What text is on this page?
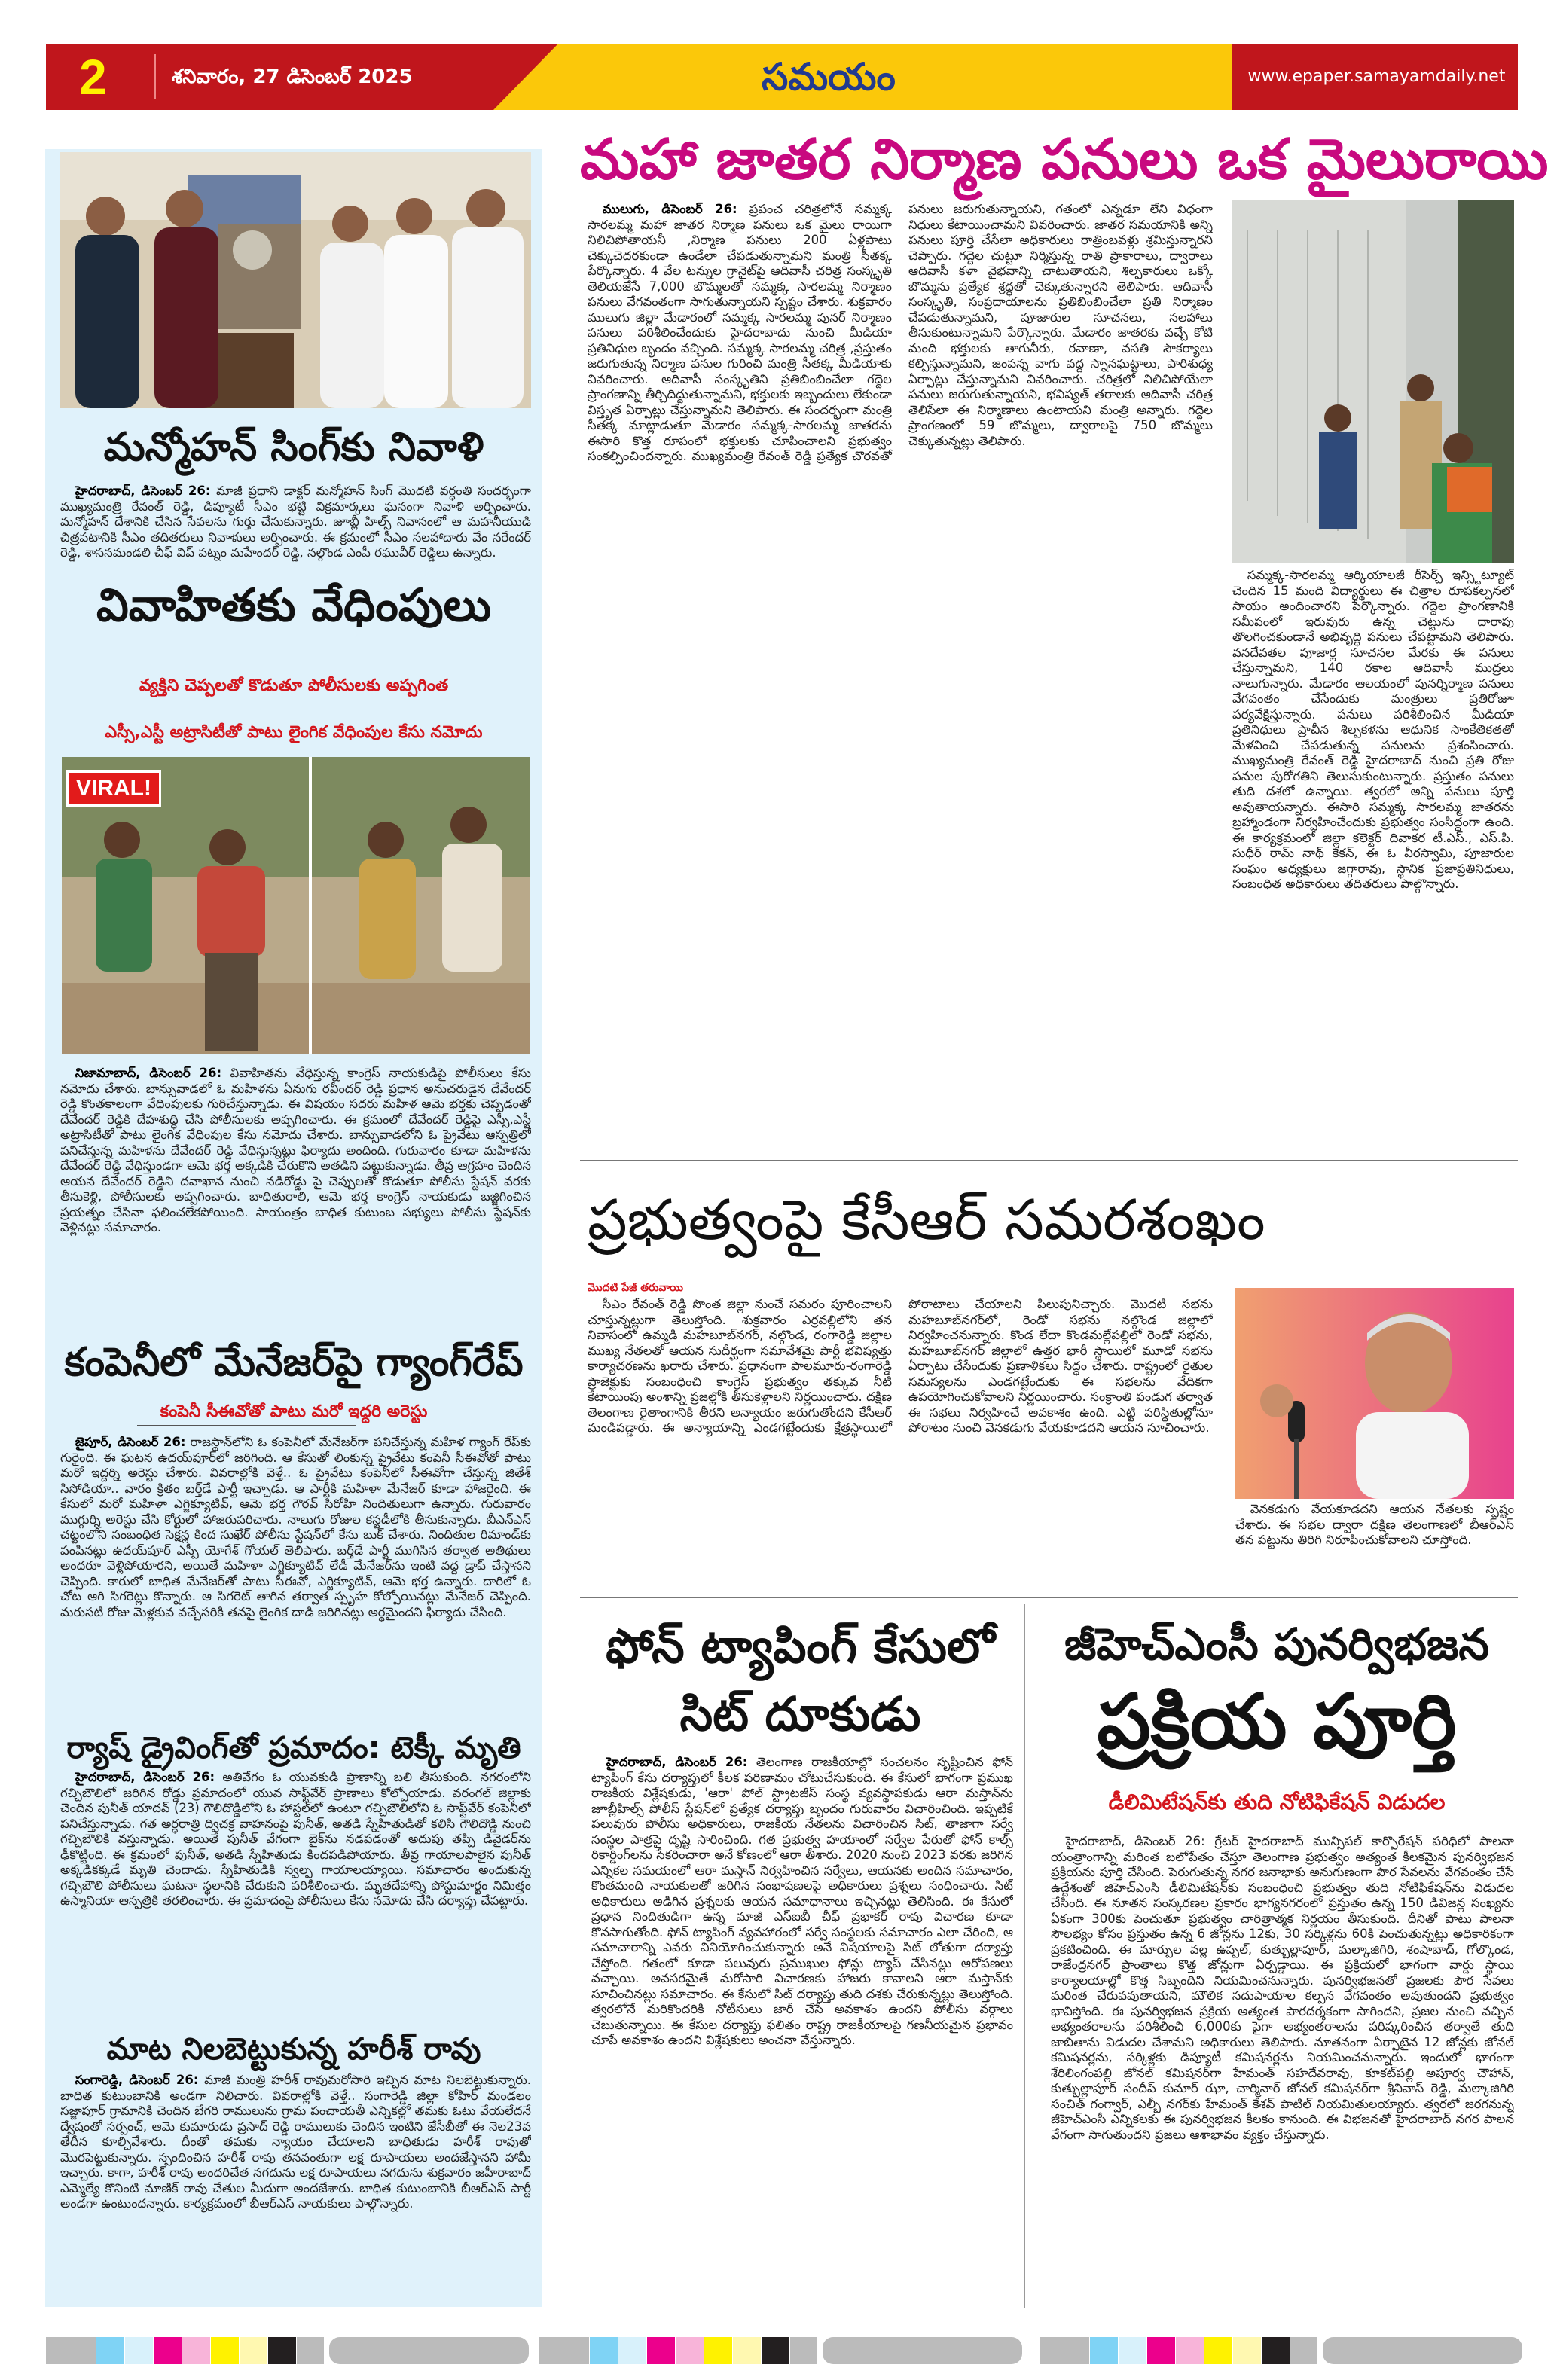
2	శనివారం, 27 డిసెంబర్ 2025	సమయం	www.epaper.samayamdaily.net
మన్మోహన్ సింగ్‌కు నివాళి
హైదరాబాద్, డిసెంబర్ 26: మాజీ ప్రధాని డాక్టర్ మన్మోహన్ సింగ్ మొదటి వర్ధంతి సందర్భంగా ముఖ్యమంత్రి రేవంత్ రెడ్డి, డిప్యూటీ సీఎం భట్టి విక్రమార్కలు ఘనంగా నివాళి అర్పించారు. మన్మోహన్ దేశానికి చేసిన సేవలను గుర్తు చేసుకున్నారు. జూబ్లీ హిల్స్ నివాసంలో ఆ మహనీయుడి చిత్రపటానికి సీఎం తదితరులు నివాళులు అర్పించారు. ఈ క్రమంలో సీఎం సలహాదారు వేం నరేందర్ రెడ్డి, శాసనమండలి చీఫ్ విప్ పట్నం మహేందర్ రెడ్డి, నల్గొండ ఎంపీ రఘువీర్ రెడ్డిలు ఉన్నారు.
వివాహితకు వేధింపులు
వ్యక్తిని చెప్పలతో కొడుతూ పోలీసులకు అప్పగింత
ఎస్సీ,ఎస్టీ అట్రాసిటీతో పాటు లైంగిక వేధింపుల కేసు నమోదు
VIRAL!
నిజామాబాద్, డిసెంబర్ 26: వివాహితను వేధిస్తున్న కాంగ్రెస్ నాయకుడిపై పోలీసులు కేసు నమోదు చేశారు. బాన్సువాడలో ఓ మహిళను ఏనుగు రవీందర్ రెడ్డి ప్రధాన అనుచరుడైన దేవేందర్ రెడ్డి కొంతకాలంగా వేధింపులకు గురిచేస్తున్నాడు. ఈ విషయం సదరు మహిళ ఆమె భర్తకు చెప్పడంతో దేవేందర్ రెడ్డికి దేహశుద్ధి చేసి పోలీసులకు అప్పగించారు. ఈ క్రమంలో దేవేందర్ రెడ్డిపై ఎస్సీ,ఎస్టీ అట్రాసిటీతో పాటు లైంగిక వేధింపుల కేసు నమోదు చేశారు. బాన్సువాడలోని ఓ ప్రైవేటు ఆస్పత్రిలో పనిచేస్తున్న మహిళను దేవేందర్ రెడ్డి వేధిస్తున్నట్లు ఫిర్యాదు అందింది. గురువారం కూడా మహిళను దేవేందర్ రెడ్డి వేధిస్తుండగా ఆమె భర్త అక్కడికి చేరుకొని అతడిని పట్టుకున్నాడు. తీవ్ర ఆగ్రహం చెందిన ఆయన దేవేందర్ రెడ్డిని దవాఖాన నుంచి నడిరోడ్డు పై చెప్పులతో కొడుతూ పోలీసు స్టేషన్ వరకు తీసుకెళ్లి, పోలీసులకు అప్పగించారు. బాధితురాలి, ఆమె భర్త కాంగ్రెస్ నాయకుడు బజ్జిగించిన ప్రయత్నం చేసినా ఫలించలేకపోయింది. సాయంత్రం బాధిత కుటుంబ సభ్యులు పోలీసు స్టేషన్‌కు వెళ్లినట్లు సమాచారం.
కంపెనీలో మేనేజర్‌పై గ్యాంగ్‌రేప్
కంపెనీ సీఈవోతో పాటు మరో ఇద్దరి అరెస్టు
జైపూర్, డిసెంబర్ 26: రాజస్థాన్‌లోని ఓ కంపెనీలో మేనేజర్‌గా పనిచేస్తున్న మహిళ గ్యాంగ్ రేప్‌కు గురైంది. ఈ ఘటన ఉదయ్‌పూర్‌లో జరిగింది. ఆ కేసుతో లింకున్న ప్రైవేటు కంపెనీ సీఈవోతో పాటు మరో ఇద్దర్ని అరెస్టు చేశారు. వివరాల్లోకి వెళ్తే.. ఓ ప్రైవేటు కంపెనీలో సీఈవోగా చేస్తున్న జితేశ్ సిసోడియా.. వారం క్రితం బర్త్‌డే పార్టీ ఇచ్చాడు. ఆ పార్టీకి మహిళా మేనేజర్ కూడా హాజరైంది. ఈ కేసులో మరో మహిళా ఎగ్జిక్యూటివ్, ఆమె భర్త గౌరవ్ సిరోహి నిందితులుగా ఉన్నారు. గురువారం ముగ్గుర్ని అరెస్టు చేసి కోర్టులో హాజరుపరిచారు. నాలుగు రోజుల కస్టడీలోకి తీసుకున్నారు. బీఎన్ఎస్ చట్టంలోని సంబంధిత సెక్షన్ల కింద సుఖేర్ పోలీసు స్టేషన్‌లో కేసు బుక్ చేశారు. నిందితుల రిమాండ్‌కు పంపినట్లు ఉదయ్‌పూర్ ఎస్పీ యోగేశ్ గోయల్ తెలిపారు. బర్త్‌డే పార్టీ ముగిసిన తర్వాత అతిథులు అందరూ వెళ్లిపోయారని, అయితే మహిళా ఎగ్జిక్యూటివ్ లేడీ మేనేజర్‌ను ఇంటి వద్ద డ్రాప్ చేస్తానని చెప్పింది. కారులో బాధిత మేనేజర్‌తో పాటు సీఈవో, ఎగ్జిక్యూటివ్, ఆమె భర్త ఉన్నారు. దారిలో ఓ చోట ఆగి సిగరెట్లు కొన్నారు. ఆ సిగరెట్ తాగిన తర్వాత స్పృహ కోల్పోయినట్లు మేనేజర్ చెప్పింది. మరుసటి రోజు మెళ్లకువ వచ్చేసరికి తనపై లైంగిక దాడి జరిగినట్లు అర్థమైందని ఫిర్యాదు చేసింది.
ర్యాష్ డ్రైవింగ్‌తో ప్రమాదం: టెక్కీ మృతి
హైదరాబాద్, డిసెంబర్ 26: అతివేగం ఓ యువకుడి ప్రాణాన్ని బలి తీసుకుంది. నగరంలోని గచ్చిబౌలిలో జరిగిన రోడ్డు ప్రమాదంలో యువ సాఫ్ట్‌వేర్ ప్రాణాలు కోల్పోయాడు. వరంగల్ జిల్లాకు చెందిన పునీత్ యాదవ్ (23) గౌలిదొడ్డిలోని ఓ హాస్టల్‌లో ఉంటూ గచ్చిబౌలిలోని ఓ సాఫ్ట్‌వేర్ కంపెనీలో పనిచేస్తున్నాడు. గత అర్ధరాత్రి ద్విచక్ర వాహనంపై పునీత్, అతడి స్నేహితుడితో కలిసి గౌలిదొడ్డి నుంచి గచ్చిబౌలికి వస్తున్నాడు. అయితే పునీత్ వేగంగా బైక్‌ను నడపడంతో అదుపు తప్పి డివైడర్‌ను ఢీకొట్టింది. ఈ క్రమంలో పునీత్, అతడి స్నేహితుడు కిందపడిపోయారు. తీవ్ర గాయాలపాలైన పునీత్ అక్కడికక్కడే మృతి చెందాడు. స్నేహితుడికి స్వల్ప గాయాలయ్యాయి. సమాచారం అందుకున్న గచ్చిబౌలి పోలీసులు ఘటనా స్థలానికి చేరుకుని పరిశీలించారు. మృతదేహాన్ని పోస్టుమార్టం నిమిత్తం ఉస్మానియా ఆస్పత్రికి తరలించారు. ఈ ప్రమాదంపై పోలీసులు కేసు నమోదు చేసి దర్యాప్తు చేపట్టారు.
మాట నిలబెట్టుకున్న హరీశ్ రావు
సంగారెడ్డి, డిసెంబర్ 26: మాజీ మంత్రి హరీశ్ రావుమరోసారి ఇచ్చిన మాట నిలబెట్టుకున్నారు. బాధిత కుటుంబానికి అండగా నిలిచారు. వివరాల్లోకి వెళ్తే.. సంగారెడ్డి జిల్లా కోహిర్ మండలం సజ్జాపూర్ గ్రామానికి చెందిన బేగరి రాములును గ్రామ పంచాయతీ ఎన్నికల్లో తమకు ఓటు వేయలేదనే ద్వేషంతో సర్పంచ్, ఆమె కుమారుడు ప్రసాద్ రెడ్డి రాములుకు చెందిన ఇంటిని జేసీబీతో ఈ నెల23వ తేదీన కూల్చివేశారు. దీంతో తమకు న్యాయం చేయాలని బాధితుడు హరీశ్ రావుతో మొరపెట్టుకున్నారు. స్పందించిన హరీశ్ రావు తనవంతుగా లక్ష రూపాయలు అందజేస్తానని హామీ ఇచ్చారు. కాగా, హరీశ్ రావు అందరిచేత నగదును లక్ష రూపాయలు నగదును శుక్రవారం జహీరాబాద్ ఎమ్మెల్యే కొనింటి మాణిక్ రావు చేతుల మీదుగా అందజేశారు. బాధిత కుటుంబానికి బీఆర్ఎస్ పార్టీ అండగా ఉంటుందన్నారు. కార్యక్రమంలో బీఆర్ఎస్ నాయకులు పాల్గొన్నారు.
మహా జాతర నిర్మాణ పనులు ఒక మైలురాయి
ములుగు, డిసెంబర్ 26: ప్రపంచ చరిత్రలోనే సమ్మక్క సారలమ్మ మహా జాతర నిర్మాణ పనులు ఒక మైలు రాయిగా నిలిచిపోతాయనీ ,నిర్మాణ పనులు 200 ఏళ్లపాటు చెక్కుచెదరకుండా ఉండేలా చేపడుతున్నామని మంత్రి సీతక్క పేర్కొన్నారు. 4 వేల టన్నుల గ్రానైట్‌పై ఆదివాసీ చరిత్ర సంస్కృతి తెలియజేసే 7,000 బొమ్మలతో సమ్మక్క సారలమ్మ నిర్మాణం పనులు వేగవంతంగా సాగుతున్నాయని స్పష్టం చేశారు. శుక్రవారం ములుగు జిల్లా మేడారంలో సమ్మక్క సారలమ్మ పునర్ నిర్మాణం పనులు పరిశీలించేందుకు హైదరాబాదు నుంచి మీడియా ప్రతినిధుల బృందం వచ్చింది. సమ్మక్క సారలమ్మ చరిత్ర ,ప్రస్తుతం జరుగుతున్న నిర్మాణ పనుల గురించి మంత్రి సీతక్క మీడియాకు వివరించారు. ఆదివాసీ సంస్కృతిని ప్రతిబింబించేలా గద్దెల ప్రాంగణాన్ని తీర్చిదిద్దుతున్నామని, భక్తులకు ఇబ్బందులు లేకుండా విస్తృత ఏర్పాట్లు చేస్తున్నామని తెలిపారు. ఈ సందర్భంగా మంత్రి సీతక్క మాట్లాడుతూ మేడారం సమ్మక్క-సారలమ్మ జాతరను ఈసారి కొత్త రూపంలో భక్తులకు చూపించాలని ప్రభుత్వం సంకల్పించిందన్నారు. ముఖ్యమంత్రి రేవంత్ రెడ్డి ప్రత్యేక చొరవతో పనులు జరుగుతున్నాయని, గతంలో ఎన్నడూ లేని విధంగా నిధులు కేటాయించామని వివరించారు. జాతర సమయానికి అన్ని పనులు పూర్తి చేసేలా అధికారులు రాత్రింబవళ్లు శ్రమిస్తున్నారని చెప్పారు. గద్దెల చుట్టూ నిర్మిస్తున్న రాతి ప్రాకారాలు, ద్వారాలు ఆదివాసీ కళా వైభవాన్ని చాటుతాయని, శిల్పకారులు ఒక్కో బొమ్మను ప్రత్యేక శ్రద్ధతో చెక్కుతున్నారని తెలిపారు. ఆదివాసీ సంస్కృతి, సంప్రదాయాలను ప్రతిబింబించేలా ప్రతి నిర్మాణం చేపడుతున్నామని, పూజారుల సూచనలు, సలహాలు తీసుకుంటున్నామని పేర్కొన్నారు. మేడారం జాతరకు వచ్చే కోటి మంది భక్తులకు తాగునీరు, రవాణా, వసతి సౌకర్యాలు కల్పిస్తున్నామని, జంపన్న వాగు వద్ద స్నానఘట్టాలు, పారిశుధ్య ఏర్పాట్లు చేస్తున్నామని వివరించారు. చరిత్రలో నిలిచిపోయేలా పనులు జరుగుతున్నాయని, భవిష్యత్ తరాలకు ఆదివాసీ చరిత్ర తెలిసేలా ఈ నిర్మాణాలు ఉంటాయని మంత్రి అన్నారు. గద్దెల ప్రాంగణంలో 59 బొమ్మలు, ద్వారాలపై 750 బొమ్మలు చెక్కుతున్నట్లు తెలిపారు.
సమ్మక్క-సారలమ్మ ఆర్కియాలజీ రీసెర్చ్ ఇన్స్టిట్యూట్ చెందిన 15 మంది విద్యార్థులు ఈ చిత్రాల రూపకల్పనలో సాయం అందించారని పేర్కొన్నారు. గద్దెల ప్రాంగణానికి సమీపంలో ఇరువురు ఉన్న చెట్టును దారాపు తొలగించకుండానే అభివృద్ధి పనులు చేపట్టామని తెలిపారు. వనదేవతల పూజార్ల సూచనల మేరకు ఈ పనులు చేస్తున్నామని, 140 రకాల ఆదివాసీ ముద్రలు నాలుగున్నారు. మేడారం ఆలయంలో పునర్నిర్మాణ పనులు వేగవంతం చేసేందుకు మంత్రులు ప్రతిరోజూ పర్యవేక్షిస్తున్నారు. పనులు పరిశీలించిన మీడియా ప్రతినిధులు ప్రాచీన శిల్పకళను ఆధునిక సాంకేతికతతో మేళవించి చేపడుతున్న పనులను ప్రశంసించారు. ముఖ్యమంత్రి రేవంత్ రెడ్డి హైదరాబాద్ నుంచి ప్రతి రోజు పనుల పురోగతిని తెలుసుకుంటున్నారు. ప్రస్తుతం పనులు తుది దశలో ఉన్నాయి. త్వరలో అన్ని పనులు పూర్తి అవుతాయన్నారు. ఈసారి సమ్మక్క సారలమ్మ జాతరను బ్రహ్మాండంగా నిర్వహించేందుకు ప్రభుత్వం సంసిద్ధంగా ఉంది. ఈ కార్యక్రమంలో జిల్లా కలెక్టర్ దివాకర టీ.ఎస్., ఎస్.పి. సుధీర్ రామ్ నాథ్ కేకన్, ఈ ఓ వీరస్వామి, పూజారుల సంఘం అధ్యక్షులు జగ్గారావు, స్థానిక ప్రజాప్రతినిధులు, సంబంధిత అధికారులు తదితరులు పాల్గొన్నారు.
ప్రభుత్వంపై కేసీఆర్ సమరశంఖం
మొదటి పేజీ తరువాయి
సీఎం రేవంత్ రెడ్డి సొంత జిల్లా నుంచే సమరం పూరించాలని చూస్తున్నట్లుగా తెలుస్తోంది. శుక్రవారం ఎర్రవల్లిలోని తన నివాసంలో ఉమ్మడి మహబూబ్‌నగర్, నల్గొండ, రంగారెడ్డి జిల్లాల ముఖ్య నేతలతో ఆయన సుదీర్ఘంగా సమావేశమై పార్టీ భవిష్యత్తు కార్యాచరణను ఖరారు చేశారు. ప్రధానంగా పాలమూరు-రంగారెడ్డి ప్రాజెక్టుకు సంబంధించి కాంగ్రెస్ ప్రభుత్వం తక్కువ నీటి కేటాయింపు అంశాన్ని ప్రజల్లోకి తీసుకెళ్లాలని నిర్ణయించారు. దక్షిణ తెలంగాణ రైతాంగానికి తీరని అన్యాయం జరుగుతోందని కేసీఆర్ మండిపడ్డారు. ఈ అన్యాయాన్ని ఎండగట్టేందుకు క్షేత్రస్థాయిలో పోరాటాలు చేయాలని పిలుపునిచ్చారు. మొదటి సభను మహబూబ్‌నగర్‌లో, రెండో సభను నల్గొండ జిల్లాలో నిర్వహించనున్నారు. కొండ లేదా కొండమల్లేపల్లిలో రెండో సభను, మహబూబ్‌నగర్ జిల్లాలో ఉత్తర భారీ స్థాయిలో మూడో సభను ఏర్పాటు చేసేందుకు ప్రణాళికలు సిద్ధం చేశారు. రాష్ట్రంలో రైతుల సమస్యలను ఎండగట్టేందుకు ఈ సభలను వేదికగా ఉపయోగించుకోవాలని నిర్ణయించారు. సంక్రాంతి పండుగ తర్వాత ఈ సభలు నిర్వహించే అవకాశం ఉంది. ఎట్టి పరిస్థితుల్లోనూ పోరాటం నుంచి వెనకడుగు వేయకూడదని ఆయన సూచించారు.
వెనకడుగు వేయకూడదని ఆయన నేతలకు స్పష్టం చేశారు. ఈ సభల ద్వారా దక్షిణ తెలంగాణలో బీఆర్ఎస్ తన పట్టును తిరిగి నిరూపించుకోవాలని చూస్తోంది.
ఫోన్ ట్యాపింగ్ కేసులో
సిట్ దూకుడు
హైదరాబాద్, డిసెంబర్ 26: తెలంగాణ రాజకీయాల్లో సంచలనం సృష్టించిన ఫోన్ ట్యాపింగ్ కేసు దర్యాప్తులో కీలక పరిణామం చోటుచేసుకుంది. ఈ కేసులో భాగంగా ప్రముఖ రాజకీయ విశ్లేషకుడు, 'ఆరా' పోల్ స్ట్రాటజీస్ సంస్థ వ్యవస్థాపకుడు ఆరా మస్తాన్‌ను జూబ్లీహిల్స్ పోలీస్ స్టేషన్‌లో ప్రత్యేక దర్యాప్తు బృందం గురువారం విచారించింది. ఇప్పటికే పలువురు పోలీసు అధికారులు, రాజకీయ నేతలను విచారించిన సిట్, తాజాగా సర్వే సంస్థల పాత్రపై దృష్టి సారించింది. గత ప్రభుత్వ హయాంలో సర్వేల పేరుతో ఫోన్ కాల్స్ రికార్డింగ్‌లను సేకరించారా అనే కోణంలో ఆరా తీశారు. 2020 నుంచి 2023 వరకు జరిగిన ఎన్నికల సమయంలో ఆరా మస్తాన్ నిర్వహించిన సర్వేలు, ఆయనకు అందిన సమాచారం, కొంతమంది నాయకులతో జరిగిన సంభాషణలపై అధికారులు ప్రశ్నలు సంధించారు. సిట్ అధికారులు అడిగిన ప్రశ్నలకు ఆయన సమాధానాలు ఇచ్చినట్లు తెలిసింది. ఈ కేసులో ప్రధాన నిందితుడిగా ఉన్న మాజీ ఎస్ఐబీ చీఫ్ ప్రభాకర్ రావు విచారణ కూడా కొనసాగుతోంది. ఫోన్ ట్యాపింగ్ వ్యవహారంలో సర్వే సంస్థలకు సమాచారం ఎలా చేరింది, ఆ సమాచారాన్ని ఎవరు వినియోగించుకున్నారు అనే విషయాలపై సిట్ లోతుగా దర్యాప్తు చేస్తోంది. గతంలో కూడా పలువురు ప్రముఖుల ఫోన్లు ట్యాప్ చేసినట్లు ఆరోపణలు వచ్చాయి. అవసరమైతే మరోసారి విచారణకు హాజరు కావాలని ఆరా మస్తాన్‌కు సూచించినట్లు సమాచారం. ఈ కేసులో సిట్ దర్యాప్తు తుది దశకు చేరుకున్నట్లు తెలుస్తోంది. త్వరలోనే మరికొందరికి నోటీసులు జారీ చేసే అవకాశం ఉందని పోలీసు వర్గాలు చెబుతున్నాయి. ఈ కేసుల దర్యాప్తు ఫలితం రాష్ట్ర రాజకీయాలపై గణనీయమైన ప్రభావం చూపే అవకాశం ఉందని విశ్లేషకులు అంచనా వేస్తున్నారు.
జీహెచ్ఎంసీ పునర్విభజన
ప్రక్రియ పూర్తి
డీలిమిటేషన్‌కు తుది నోటిఫికేషన్ విడుదల
హైదరాబాద్, డిసెంబర్ 26: గ్రేటర్ హైదరాబాద్ మున్సిపల్ కార్పొరేషన్ పరిధిలో పాలనా యంత్రాంగాన్ని మరింత బలోపేతం చేస్తూ తెలంగాణ ప్రభుత్వం అత్యంత కీలకమైన పునర్విభజన ప్రక్రియను పూర్తి చేసింది. పెరుగుతున్న నగర జనాభాకు అనుగుణంగా పౌర సేవలను వేగవంతం చేసే ఉద్దేశంతో జిహెచ్‌ఎంసి డీలిమిటేషన్‌కు సంబంధించి ప్రభుత్వం తుది నోటిఫికేషన్‌ను విడుదల చేసింది. ఈ నూతన సంస్కరణల ప్రకారం భాగ్యనగరంలో ప్రస్తుతం ఉన్న 150 డివిజన్ల సంఖ్యను ఏకంగా 300కు పెంచుతూ ప్రభుత్వం చారిత్రాత్మక నిర్ణయం తీసుకుంది. దీనితో పాటు పాలనా సౌలభ్యం కోసం ప్రస్తుతం ఉన్న 6 జోన్లను 12కు, 30 సర్కిళ్లను 60కి పెంచుతున్నట్లు అధికారికంగా ప్రకటించింది. ఈ మార్పుల వల్ల ఉప్పల్, కుత్బుల్లాపూర్, మల్కాజిగిరి, శంషాబాద్, గోల్కొండ, రాజేంద్రనగర్ ప్రాంతాలు కొత్త జోన్లుగా ఏర్పడ్డాయి. ఈ ప్రక్రియలో భాగంగా వార్డు స్థాయి కార్యాలయాల్లో కొత్త సిబ్బందిని నియమించనున్నారు. పునర్విభజనతో ప్రజలకు పౌర సేవలు మరింత చేరువవుతాయని, మౌలిక సదుపాయాల కల్పన వేగవంతం అవుతుందని ప్రభుత్వం భావిస్తోంది. ఈ పునర్విభజన ప్రక్రియ అత్యంత పారదర్శకంగా సాగిందని, ప్రజల నుంచి వచ్చిన అభ్యంతరాలను పరిశీలించి 6,000కు పైగా అభ్యంతరాలను పరిష్కరించిన తర్వాతే తుది జాబితాను విడుదల చేశామని అధికారులు తెలిపారు. నూతనంగా ఏర్పాటైన 12 జోన్లకు జోనల్ కమిషనర్లను, సర్కిళ్లకు డిప్యూటీ కమిషనర్లను నియమించనున్నారు. ఇందులో భాగంగా శేరిలింగంపల్లి జోనల్ కమిషనర్‌గా హేమంత్ సహదేవరావు, కూకట్‌పల్లి అపూర్వ చౌహాన్, కుత్బుల్లాపూర్ సందీప్ కుమార్ ఝా, చార్మినార్ జోనల్ కమిషనర్‌గా శ్రీనివాస్ రెడ్డి, మల్కాజిగిరి సంచిత్ గంగ్వార్, ఎల్బీ నగర్‌కు హేమంత్ కేశవ్ పాటిల్ నియమితులయ్యారు. త్వరలో జరగనున్న జీహెచ్ఎంసీ ఎన్నికలకు ఈ పునర్విభజన కీలకం కానుంది. ఈ విభజనతో హైదరాబాద్ నగర పాలన వేగంగా సాగుతుందని ప్రజలు ఆశాభావం వ్యక్తం చేస్తున్నారు.
